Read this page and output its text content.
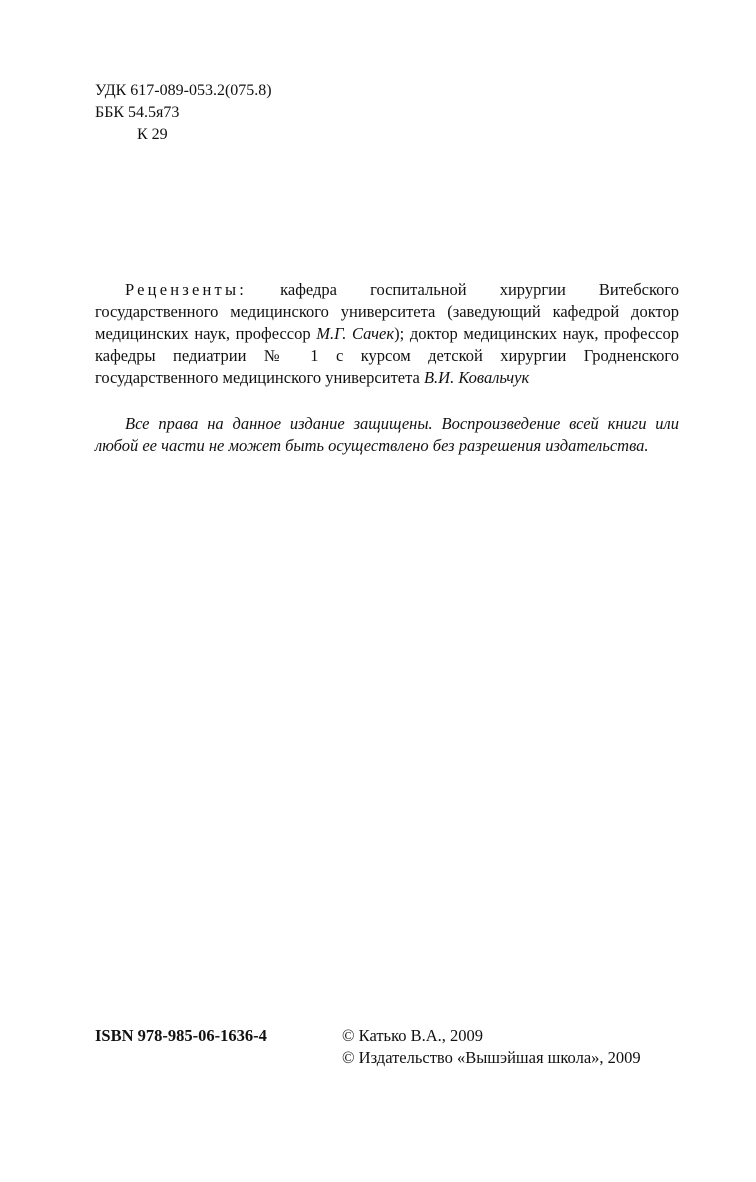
УДК 617-089-053.2(075.8)
ББК 54.5я73
К 29

Рецензенты: кафедра госпитальной хирургии Витебского государственного медицинского университета (заведующий кафедрой доктор медицинских наук, профессор М.Г. Сачек); доктор медицинских наук, профессор кафедры педиатрии № 1 с курсом детской хирургии Гродненского государственного медицинского университета В.И. Ковальчук

Все права на данное издание защищены. Воспроизведение всей книги или любой ее части не может быть осуществлено без разрешения издательства.

ISBN 978-985-06-1636-4	© Катько В.А., 2009
© Издательство «Вышэйшая школа», 2009
